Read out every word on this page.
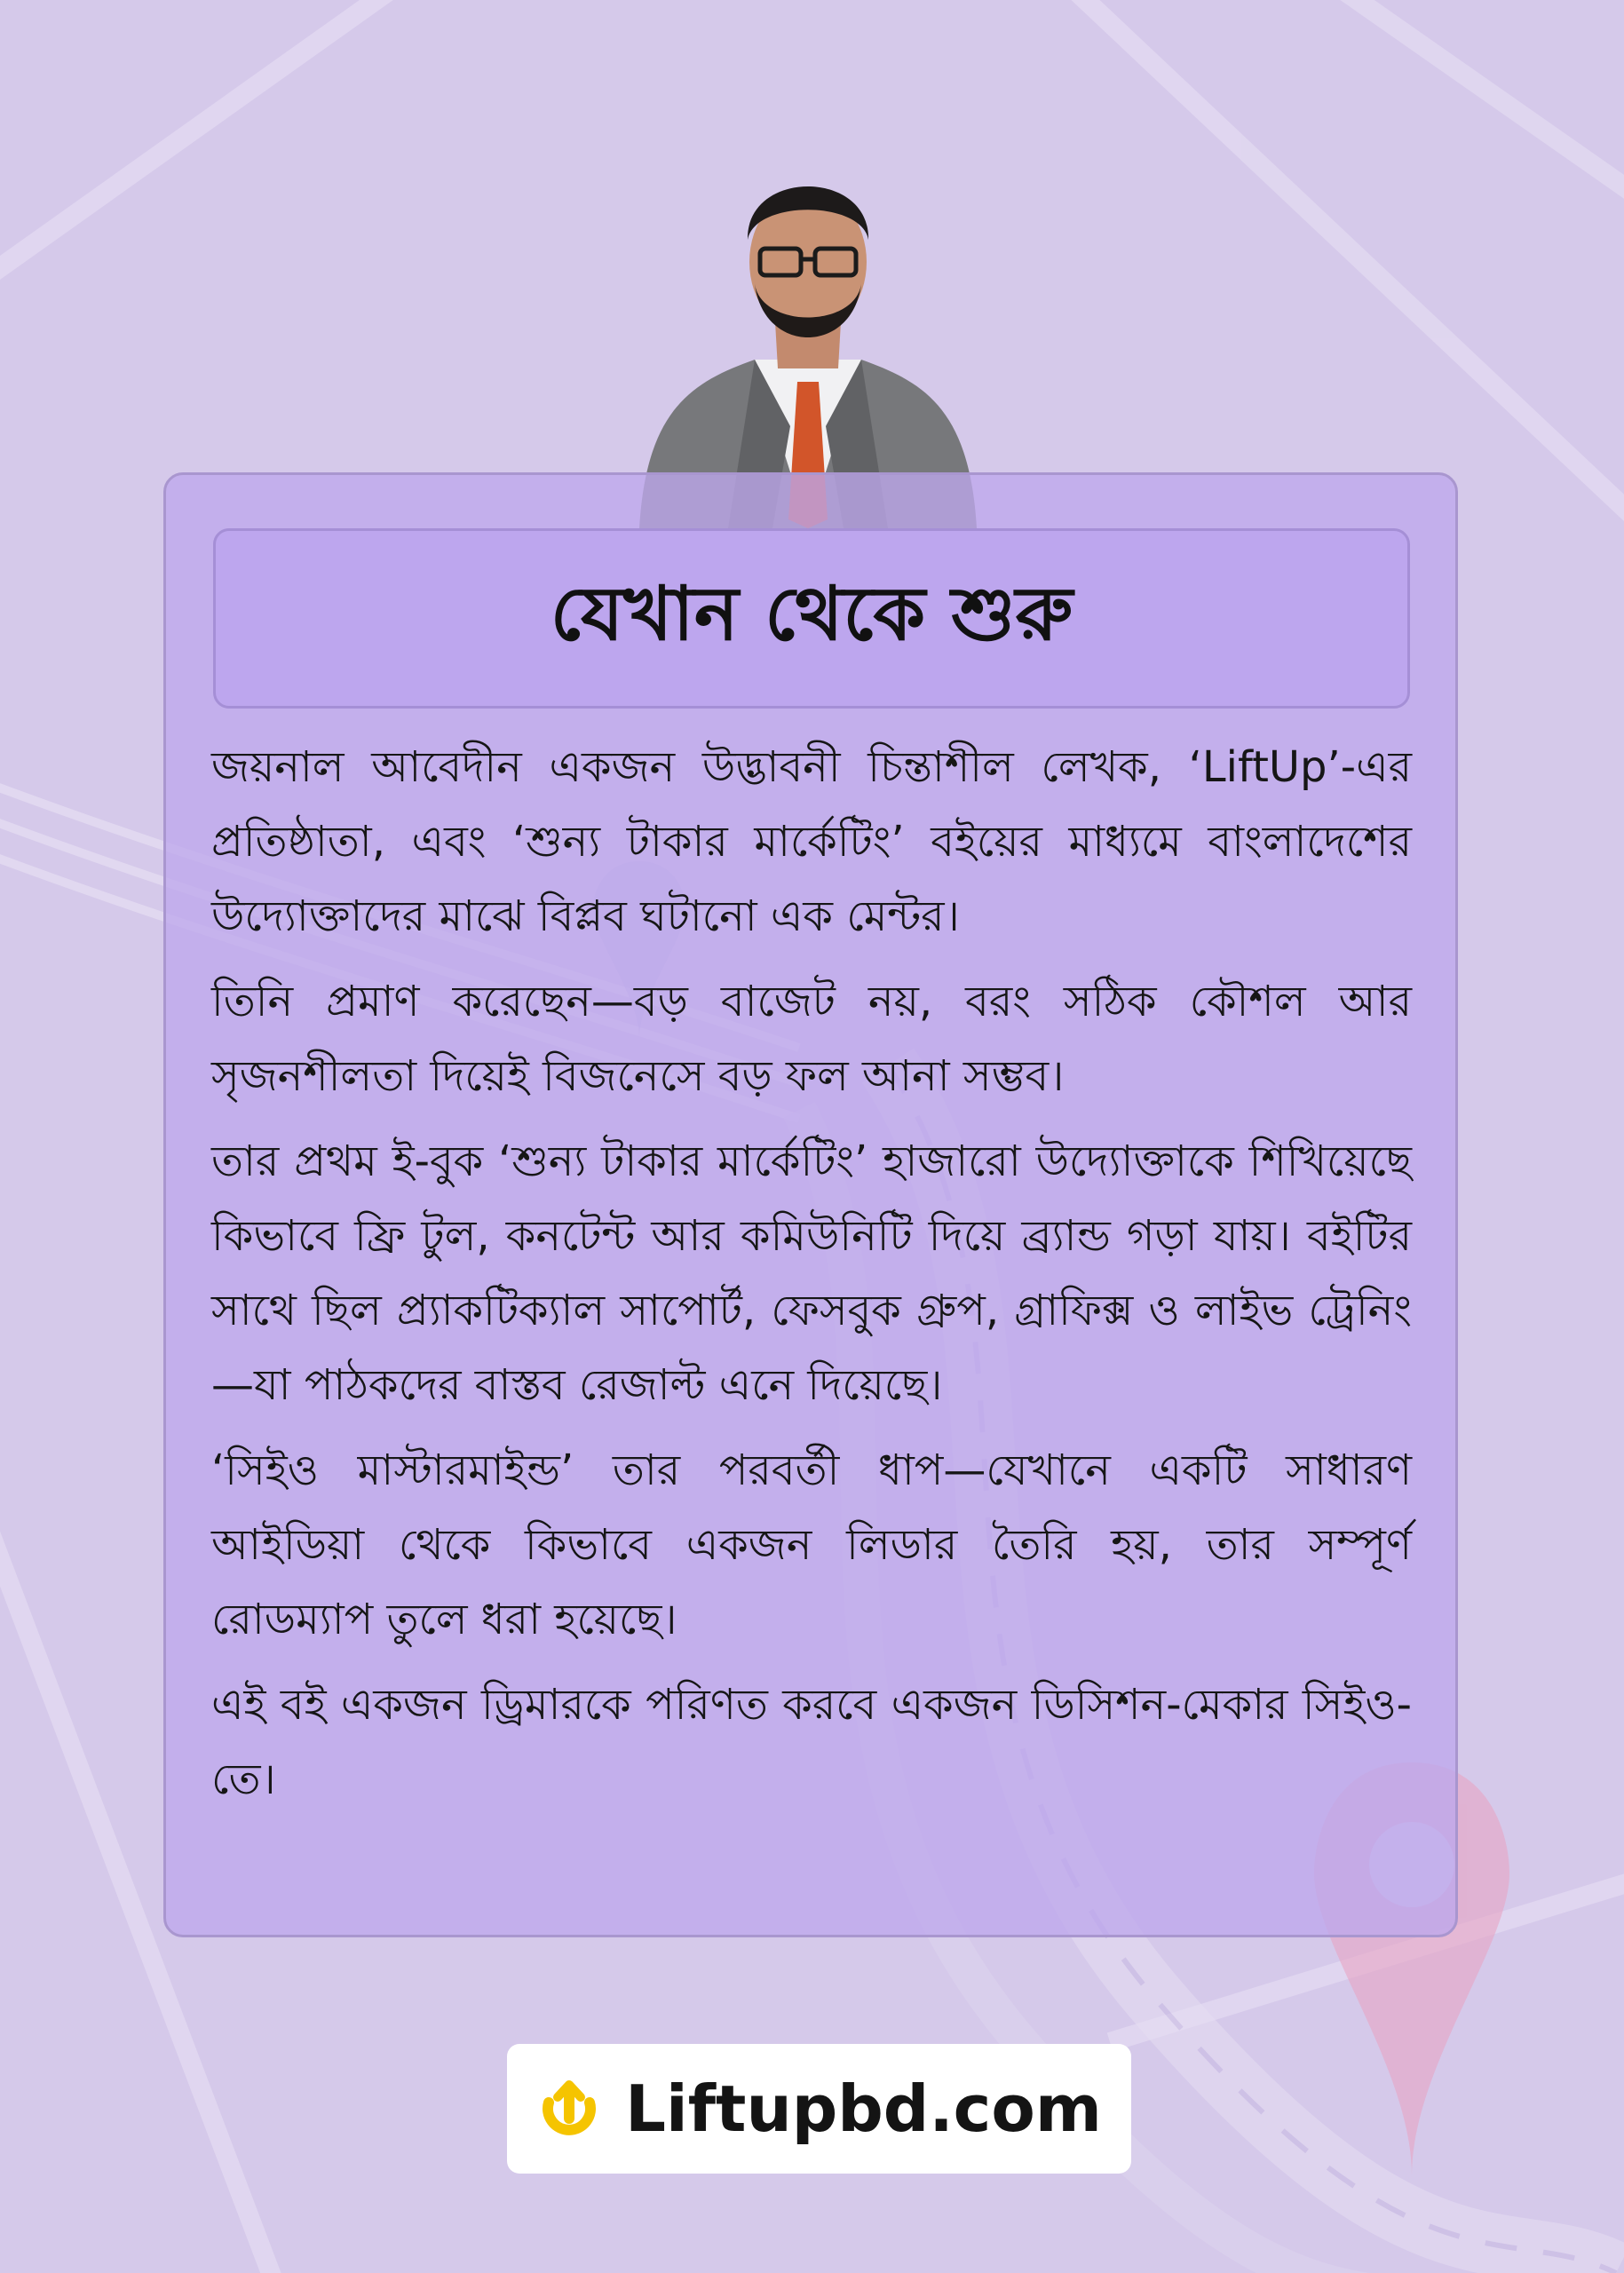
যেখান থেকে শুরু

জয়নাল আবেদীন একজন উদ্ভাবনী চিন্তাশীল লেখক, ‘LiftUp’-এর প্রতিষ্ঠাতা, এবং ‘শুন্য টাকার মার্কেটিং’ বইয়ের মাধ্যমে বাংলাদেশের উদ্যোক্তাদের মাঝে বিপ্লব ঘটানো এক মেন্টর।

তিনি প্রমাণ করেছেন—বড় বাজেট নয়, বরং সঠিক কৌশল আর সৃজনশীলতা দিয়েই বিজনেসে বড় ফল আনা সম্ভব।

তার প্রথম ই-বুক ‘শুন্য টাকার মার্কেটিং’ হাজারো উদ্যোক্তাকে শিখিয়েছে কিভাবে ফ্রি টুল, কনটেন্ট আর কমিউনিটি দিয়ে ব্র্যান্ড গড়া যায়। বইটির সাথে ছিল প্র্যাকটিক্যাল সাপোর্ট, ফেসবুক গ্রুপ, গ্রাফিক্স ও লাইভ ট্রেনিং—যা পাঠকদের বাস্তব রেজাল্ট এনে দিয়েছে।

‘সিইও মাস্টারমাইন্ড’ তার পরবর্তী ধাপ—যেখানে একটি সাধারণ আইডিয়া থেকে কিভাবে একজন লিডার তৈরি হয়, তার সম্পূর্ণ রোডম্যাপ তুলে ধরা হয়েছে।

এই বই একজন ড্রিমারকে পরিণত করবে একজন ডিসিশন-মেকার সিইও-তে।

Liftupbd.com
